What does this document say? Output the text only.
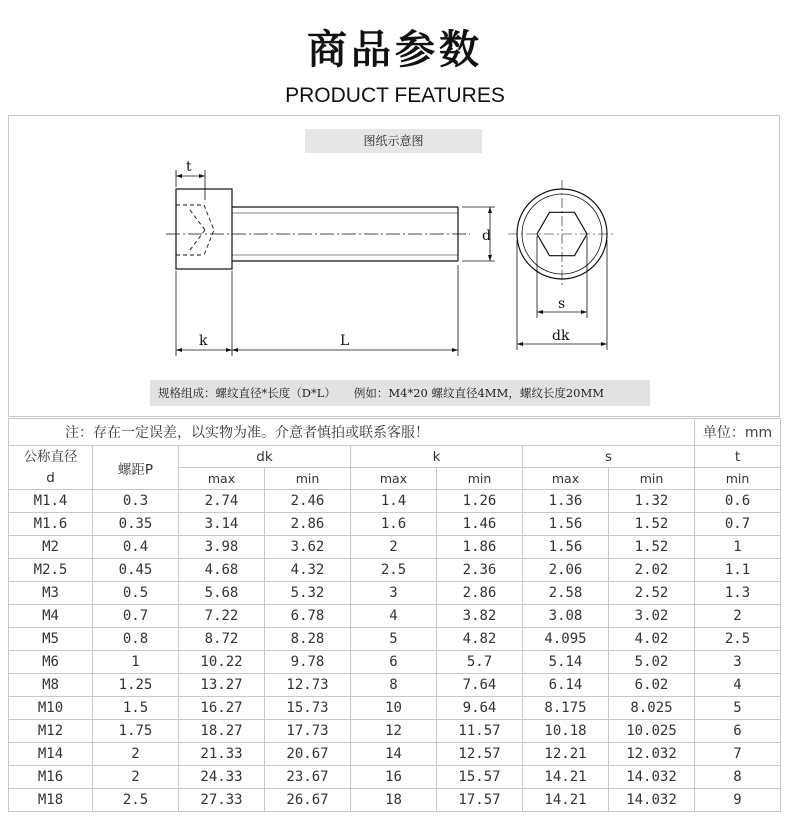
商品参数
PRODUCT FEATURES
图纸示意图
t
d
k	L
s
dk
规格组成：螺纹直径*长度（D*L） 例如：M4*20 螺纹直径4MM，螺纹长度20MM
注：存在一定误差，以实物为准。介意者慎拍或联系客服！								单位：mm

公称直径
d	螺距P	dk		k		s		t
		max	min	max	min	max	min	min
M1.4	0.3	2.74	2.46	1.4	1.26	1.36	1.32	0.6
M1.6	0.35	3.14	2.86	1.6	1.46	1.56	1.52	0.7
M2	0.4	3.98	3.62	2	1.86	1.56	1.52	1
M2.5	0.45	4.68	4.32	2.5	2.36	2.06	2.02	1.1
M3	0.5	5.68	5.32	3	2.86	2.58	2.52	1.3
M4	0.7	7.22	6.78	4	3.82	3.08	3.02	2
M5	0.8	8.72	8.28	5	4.82	4.095	4.02	2.5
M6	1	10.22	9.78	6	5.7	5.14	5.02	3
M8	1.25	13.27	12.73	8	7.64	6.14	6.02	4
M10	1.5	16.27	15.73	10	9.64	8.175	8.025	5
M12	1.75	18.27	17.73	12	11.57	10.18	10.025	6
M14	2	21.33	20.67	14	12.57	12.21	12.032	7
M16	2	24.33	23.67	16	15.57	14.21	14.032	8
M18	2.5	27.33	26.67	18	17.57	14.21	14.032	9
